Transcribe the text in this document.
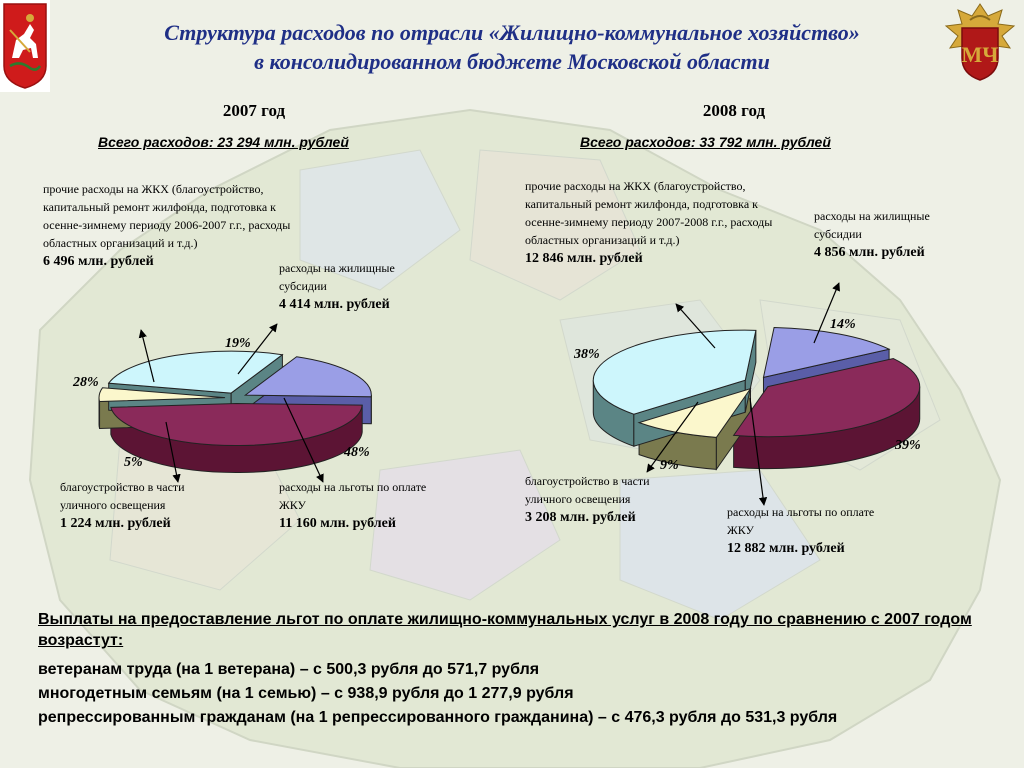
МЧ
Структура расходов по отрасли «Жилищно-коммунальное хозяйство»
в консолидированном бюджете Московской области
2007 год
Всего расходов: 23 294 млн. рублей
2008 год
Всего расходов: 33 792 млн. рублей
19%
48%
5%
28%
14%
39%
9%
38%
прочие расходы на ЖКХ (благоустройство, капитальный ремонт жилфонда, подготовка к осенне-зимнему периоду 2006-2007 г.г., расходы областных организаций и т.д.)
6 496 млн. рублей	расходы на жилищные субсидии
4 414 млн. рублей
благоустройство в части уличного освещения
1 224 млн. рублей
расходы на льготы по оплате ЖКУ
11 160 млн. рублей
прочие расходы на ЖКХ (благоустройство, капитальный ремонт жилфонда, подготовка к осенне-зимнему периоду 2007-2008 г.г., расходы областных организаций и т.д.)
12 846 млн. рублей
расходы на жилищные субсидии
4 856 млн. рублей
благоустройство в части уличного освещения
3 208 млн. рублей	расходы на льготы по оплате ЖКУ
12 882 млн. рублей
Выплаты на предоставление льгот по оплате жилищно-коммунальных услуг в 2008 году по сравнению с 2007 годом возрастут:
ветеранам труда (на 1 ветерана) – с 500,3 рубля до 571,7 рубля
многодетным семьям (на 1 семью) – с 938,9 рубля до 1 277,9 рубля
репрессированным гражданам (на 1 репрессированного гражданина) – с 476,3 рубля до 531,3 рубля
